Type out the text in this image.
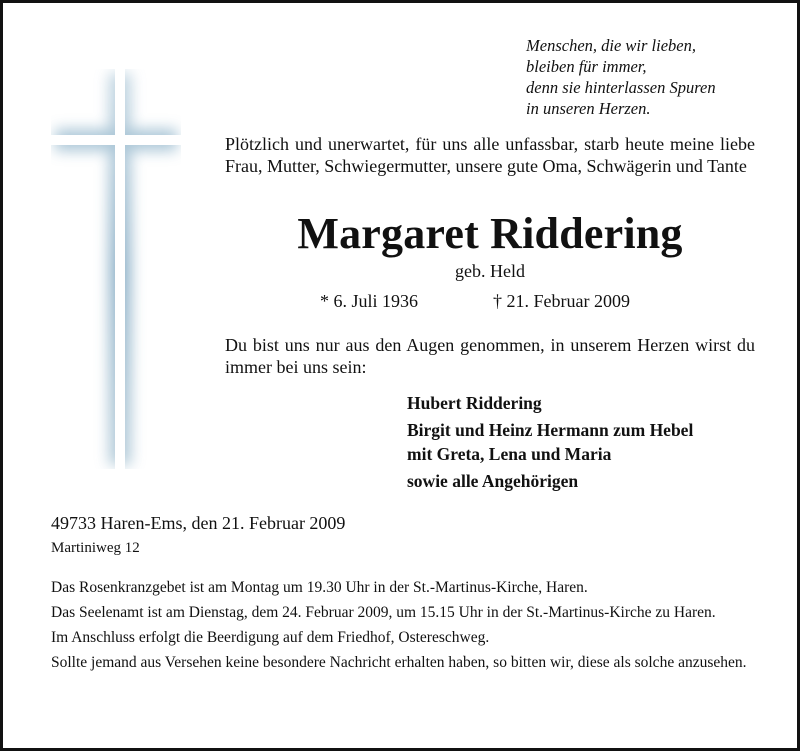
Menschen, die wir lieben,
bleiben für immer,
denn sie hinterlassen Spuren
in unseren Herzen.
Plötzlich und unerwartet, für uns alle unfassbar, starb heute meine liebe Frau, Mutter, Schwiegermutter, unsere gute Oma, Schwägerin und Tante
Margaret Riddering
geb. Held
* 6. Juli 1936	† 21. Februar 2009
Du bist uns nur aus den Augen genommen, in unserem Herzen wirst du immer bei uns sein:
Hubert Riddering
Birgit und Heinz Hermann zum Hebel
mit Greta, Lena und Maria
sowie alle Angehörigen
49733 Haren-Ems, den 21. Februar 2009
Martiniweg 12

Das Rosenkranzgebet ist am Montag um 19.30 Uhr in der St.-Martinus-Kirche, Haren.

Das Seelenamt ist am Dienstag, dem 24. Februar 2009, um 15.15 Uhr in der St.-Martinus-Kirche zu Haren.

Im Anschluss erfolgt die Beerdigung auf dem Friedhof, Ostereschweg.

Sollte jemand aus Versehen keine besondere Nachricht erhalten haben, so bitten wir, diese als solche anzusehen.
